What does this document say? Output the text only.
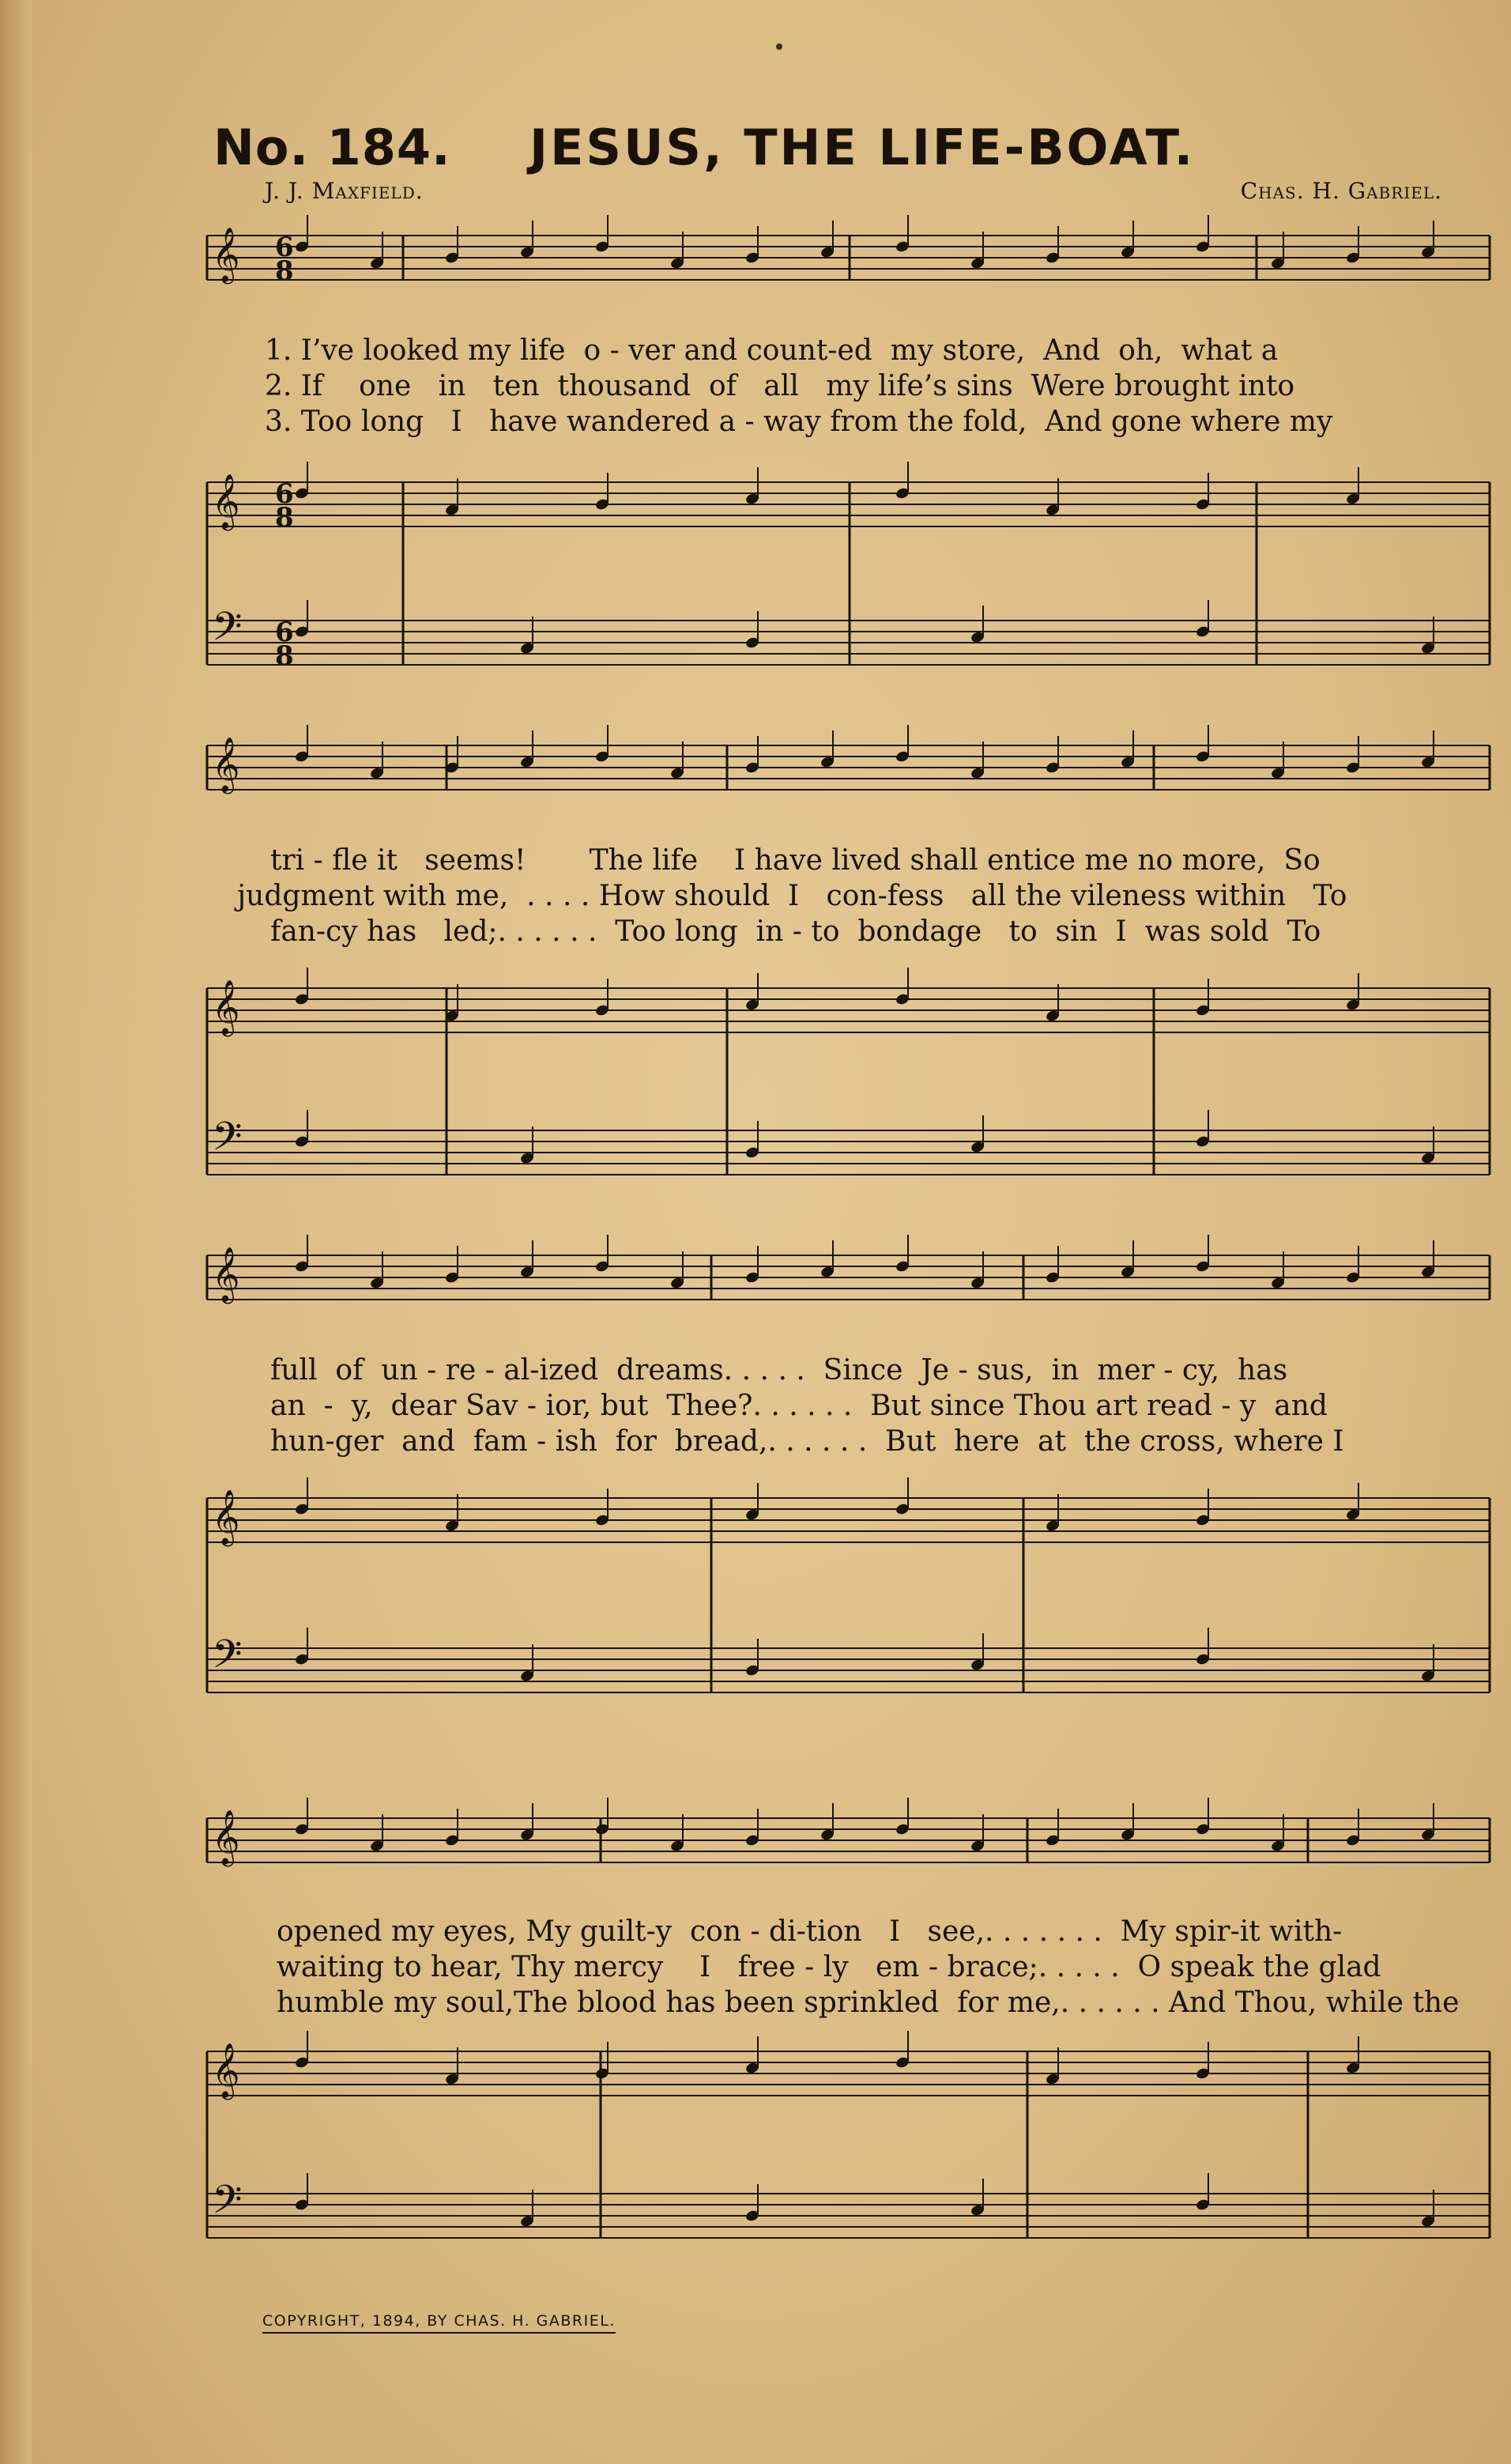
No. 184. JESUS, THE LIFE-BOAT.
J. J. Maxfield.	Chas. H. Gabriel.
𝄞
𝄞
𝄢
𝄞
𝄞
𝄢
𝄞
𝄞
𝄢
𝄞
𝄞
𝄢
6
8
6
8
6
8
1. I’ve looked my life  o - ver and count-ed  my store,  And  oh,  what a
2. If    one   in   ten  thousand  of   all   my life’s sins  Were brought into
3. Too long   I   have wandered a - way from the fold,  And gone where my
tri - fle it   seems!       The life    I have lived shall entice me no more,  So
judgment with me,  . . . . How should  I   con-fess   all the vileness within   To
fan-cy has   led;. . . . . .  Too long  in - to  bondage   to  sin  I  was sold  To
full  of  un - re - al-ized  dreams. . . . .  Since  Je - sus,  in  mer - cy,  has
an  -  y,  dear Sav - ior, but  Thee?. . . . . .  But since Thou art read - y  and
hun-ger  and  fam - ish  for  bread,. . . . . .  But  here  at  the cross, where I
opened my eyes, My guilt-y  con - di-tion   I   see,. . . . . . .  My spir-it with-
waiting to hear, Thy mercy    I   free - ly   em - brace;. . . . .  O speak the glad
humble my soul,The blood has been sprinkled  for me,. . . . . . And Thou, while the
COPYRIGHT, 1894, BY CHAS. H. GABRIEL.
